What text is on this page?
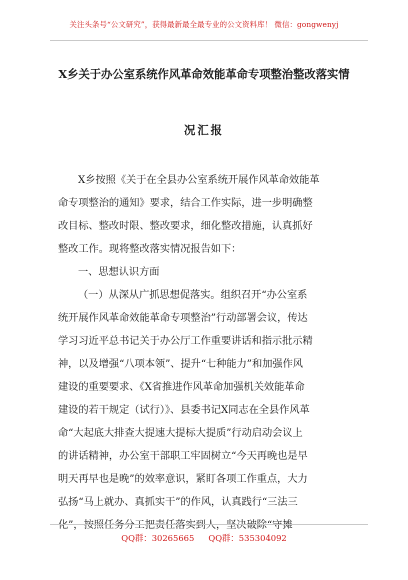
关注头条号“公文研究”，获得最新最全最专业的公文资料库！ 微信：gongwenyj
X乡关于办公室系统作风革命效能革命专项整治整改落实情
况汇报
X乡按照《关于在全县办公室系统开展作风革命效能革
命专项整治的通知》要求，结合工作实际，进一步明确整
改目标、整改时限、整改要求，细化整改措施，认真抓好
整改工作。现将整改落实情况报告如下：
一、思想认识方面
（一）从深从广抓思想促落实。组织召开“办公室系
统开展作风革命效能革命专项整治”行动部署会议，传达
学习习近平总书记关于办公厅工作重要讲话和指示批示精
神，以及增强“八项本领”、提升“七种能力”和加强作风
建设的重要要求、《X省推进作风革命加强机关效能革命
建设的若干规定（试行）》、县委书记X同志在全县作风革
命“大起底大排查大提速大提标大提质”行动启动会议上
的讲话精神，办公室干部职工牢固树立“今天再晚也是早
明天再早也是晚”的效率意识，紧盯各项工作重点，大力
弘扬“马上就办、真抓实干”的作风，认真践行“三法三
化”，按照任务分工把责任落实到人，坚决破除“守摊
QQ群：30265665 QQ群：535304092
